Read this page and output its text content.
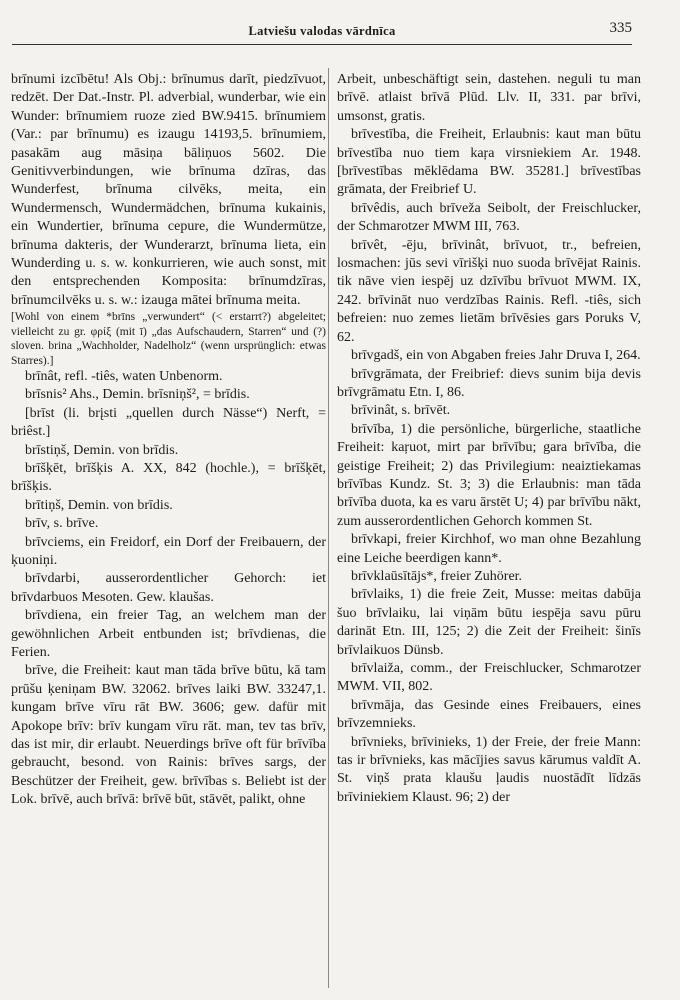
Latviešu valodas vārdnīca	335

brīnumi izcībētu! Als Obj.: brīnumus darīt, piedzīvuot, redzēt. Der Dat.-Instr. Pl. adverbial, wunderbar, wie ein Wunder: brīnumiem ruoze zied BW.9415. brīnumiem (Var.: par brīnumu) es izaugu 14193,5. brīnumiem, pasakām aug māsiņa bāliņuos 5602. Die Genitivverbindungen, wie brīnuma dzīras, das Wunderfest, brīnuma cilvēks, meita, ein Wundermensch, Wundermädchen, brīnuma kukainis, ein Wundertier, brīnuma cepure, die Wundermütze, brīnuma dakteris, der Wunderarzt, brīnuma lieta, ein Wunderding u. s. w. konkurrieren, wie auch sonst, mit den entsprechenden Komposita: brīnumdzīras, brīnumcilvēks u. s. w.: izauga mātei brīnuma meita.

[Wohl von einem *brīns „verwundert“ (< erstarrt?) abgeleitet; vielleicht zu gr. φρίξ (mit ī) „das Aufschaudern, Starren“ und (?) sloven. brina „Wachholder, Nadelholz“ (wenn ursprünglich: etwas Starres).]

brīnât, refl. -tiês, waten Unbenorm.

brīsnis² Ahs., Demin. brīsniņš², = brīdis.

[brīst (li. brįsti „quellen durch Nässe“) Nerft, = briêst.]

brīstiņš, Demin. von brīdis.

brīšķēt, brīšķis A. XX, 842 (hochle.), = brīšķēt, brīšķis.

brītiņš, Demin. von brīdis.

brīv, s. brīve.

brīvciems, ein Freidorf, ein Dorf der Freibauern, der ķuoniņi.

brīvdarbi, ausserordentlicher Gehorch: iet brīvdarbuos Mesoten. Gew. klaušas.

brīvdiena, ein freier Tag, an welchem man der gewöhnlichen Arbeit entbunden ist; brīvdienas, die Ferien.

brīve, die Freiheit: kaut man tāda brīve būtu, kā tam prūšu ķeniņam BW. 32062. brīves laiki BW. 33247,1. kungam brīve vīru rāt BW. 3606; gew. dafür mit Apokope brīv: brīv kungam vīru rāt. man, tev tas brīv, das ist mir, dir erlaubt. Neuerdings brīve oft für brīvība gebraucht, besond. von Rainis: brīves sargs, der Beschützer der Freiheit, gew. brīvības s. Beliebt ist der Lok. brīvē, auch brīvā: brīvē būt, stāvēt, palikt, ohne

Arbeit, unbeschäftigt sein, dastehen. neguli tu man brīvē. atlaist brīvā Plūd. Llv. II, 331. par brīvi, umsonst, gratis.

brīvestība, die Freiheit, Erlaubnis: kaut man būtu brīvestība nuo tiem kaŗa virsniekiem Ar. 1948. [brīvestības mēklēdama BW. 35281.] brīvestības grāmata, der Freibrief U.

brīvêdis, auch brīveža Seibolt, der Freischlucker, der Schmarotzer MWM III, 763.

brīvêt, -ēju, brīvinât, brīvuot, tr., befreien, losmachen: jūs sevi vīrišķi nuo suoda brīvējat Rainis. tik nāve vien iespēj uz dzīvību brīvuot MWM. IX, 242. brīvināt nuo verdzības Rainis. Refl. -tiês, sich befreien: nuo zemes lietām brīvēsies gars Poruks V, 62.

brīvgadš, ein von Abgaben freies Jahr Druva I, 264.

brīvgrāmata, der Freibrief: dievs sunim bija devis brīvgrāmatu Etn. I, 86.

brīvinât, s. brīvēt.

brīvība, 1) die persönliche, bürgerliche, staatliche Freiheit: kaŗuot, mirt par brīvību; gara brīvība, die geistige Freiheit; 2) das Privilegium: neaiztiekamas brīvības Kundz. St. 3; 3) die Erlaubnis: man tāda brīvība duota, ka es varu ārstēt U; 4) par brīvību nākt, zum ausserordentlichen Gehorch kommen St.

brīvkapi, freier Kirchhof, wo man ohne Bezahlung eine Leiche beerdigen kann*.

brīvklaūsītājs*, freier Zuhörer.

brīvlaiks, 1) die freie Zeit, Musse: meitas dabūja šuo brīvlaiku, lai viņām būtu iespēja savu pūru darināt Etn. III, 125; 2) die Zeit der Freiheit: šinīs brīvlaikuos Dünsb.

brīvlaiža, comm., der Freischlucker, Schmarotzer MWM. VII, 802.

brīvmāja, das Gesinde eines Freibauers, eines brīvzemnieks.

brīvnieks, brīvinieks, 1) der Freie, der freie Mann: tas ir brīvnieks, kas mācījies savus kārumus valdīt A. St. viņš prata klaušu ļaudis nuostādīt līdzās brīviniekiem Klaust. 96; 2) der
